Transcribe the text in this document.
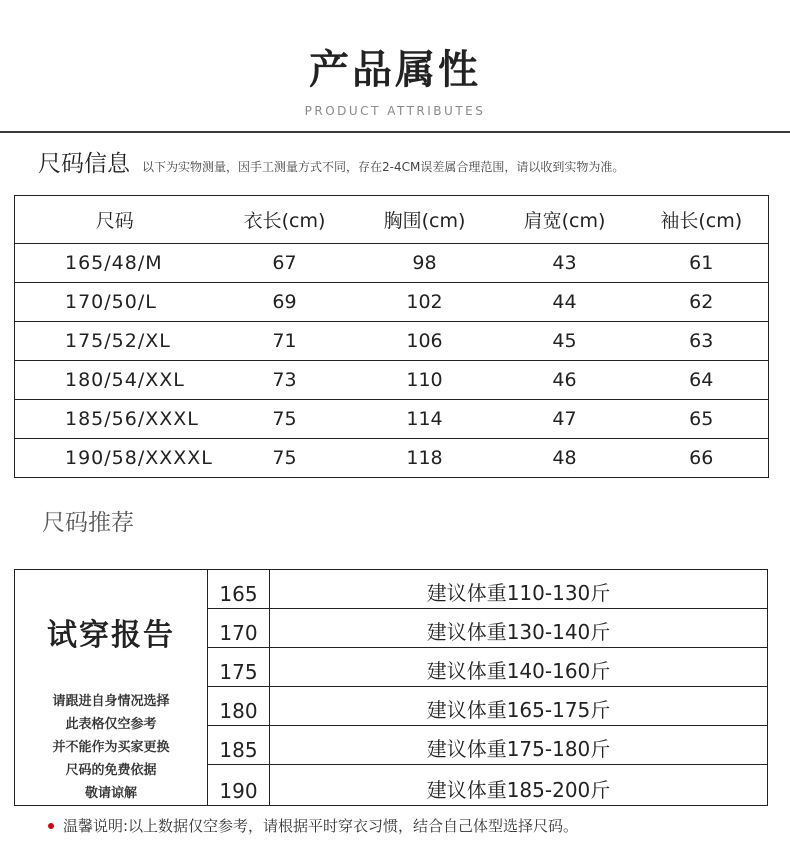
产品属性
PRODUCT ATTRIBUTES
尺码信息 以下为实物测量，因手工测量方式不同，存在2-4CM误差属合理范围，请以收到实物为准。
尺码	衣长(cm)	胸围(cm)	肩宽(cm)	袖长(cm)
165/48/M	67	98	43	61
170/50/L	69	102	44	62
175/52/XL	71	106	45	63
180/54/XXL	73	110	46	64
185/56/XXXL	75	114	47	65
190/58/XXXXL	75	118	48	66
尺码推荐
试穿报告
请跟进自身情况选择
此表格仅空参考
并不能作为买家更换
尺码的免费依据
敬请谅解
165	建议体重110-130斤
170	建议体重130-140斤
175	建议体重140-160斤
180	建议体重165-175斤
185	建议体重175-180斤
190	建议体重185-200斤
温馨说明:以上数据仅空参考，请根据平时穿衣习惯，结合自己体型选择尺码。
